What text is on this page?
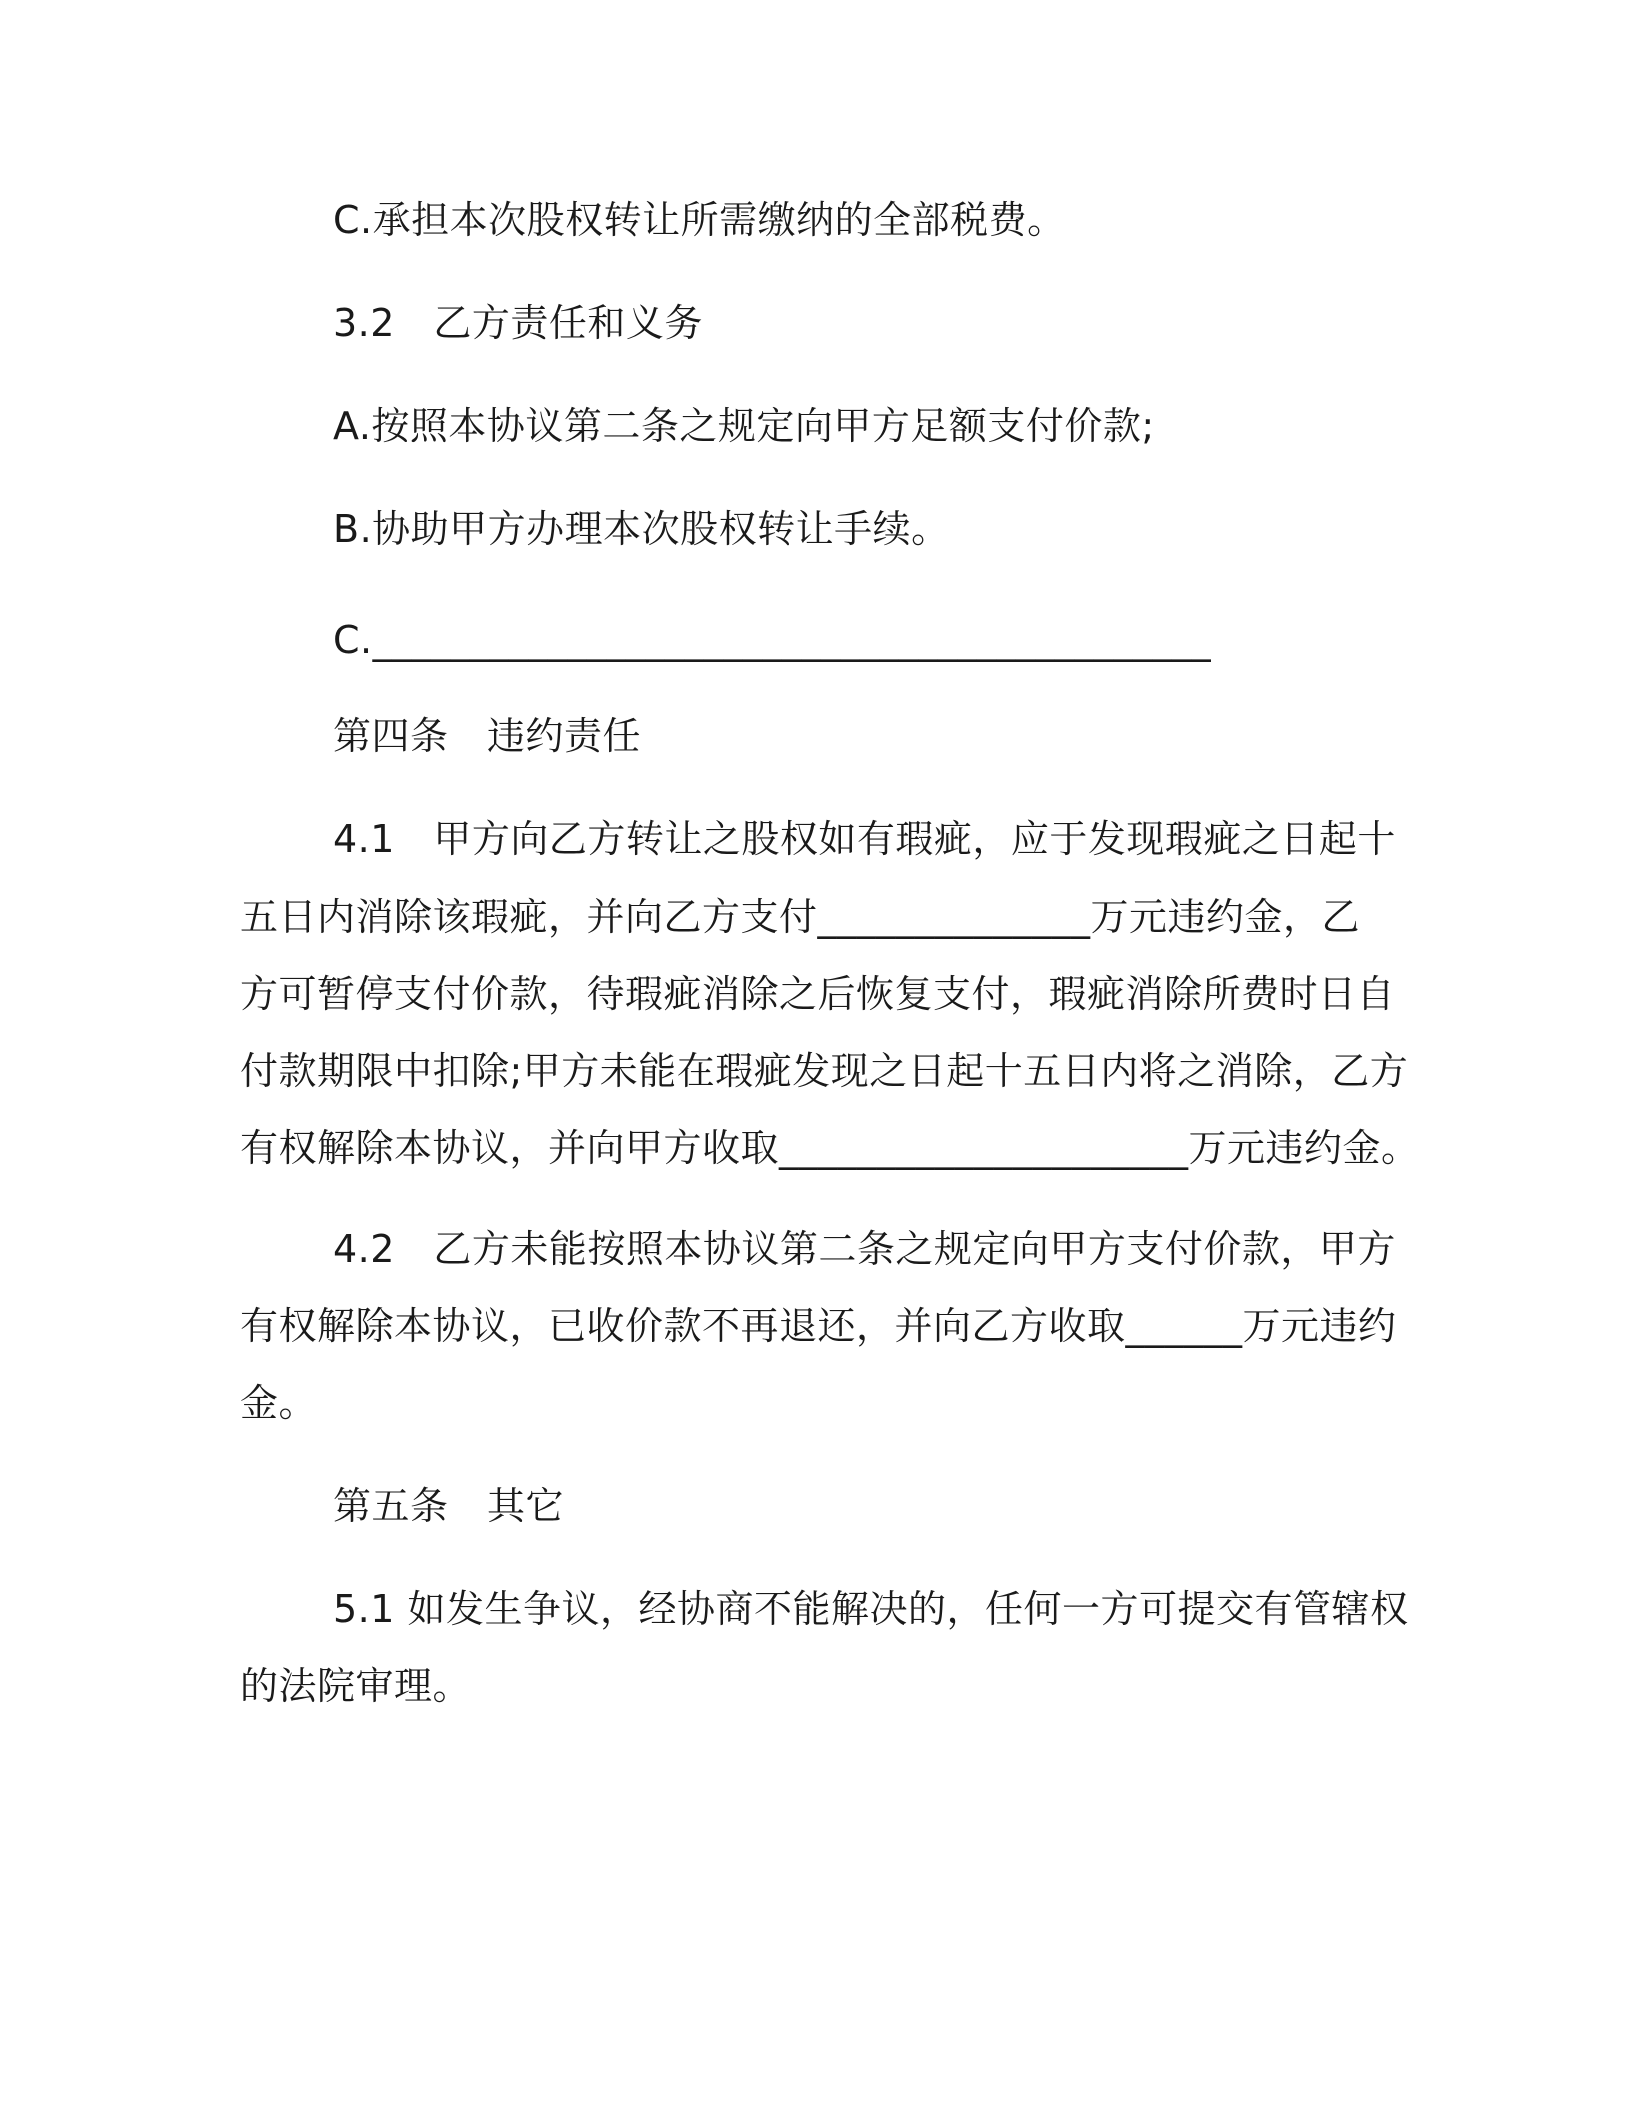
C.承担本次股权转让所需缴纳的全部税费。
3.2　乙方责任和义务
A.按照本协议第二条之规定向甲方足额支付价款;
B.协助甲方办理本次股权转让手续。
C.___________________________________________
第四条　违约责任
4.1　甲方向乙方转让之股权如有瑕疵，应于发现瑕疵之日起十
五日内消除该瑕疵，并向乙方支付______________万元违约金，乙
方可暂停支付价款，待瑕疵消除之后恢复支付，瑕疵消除所费时日自
付款期限中扣除;甲方未能在瑕疵发现之日起十五日内将之消除，乙方
有权解除本协议，并向甲方收取_____________________万元违约金。
4.2　乙方未能按照本协议第二条之规定向甲方支付价款，甲方
有权解除本协议，已收价款不再退还，并向乙方收取______万元违约
金。
第五条　其它
5.1 如发生争议，经协商不能解决的，任何一方可提交有管辖权
的法院审理。
